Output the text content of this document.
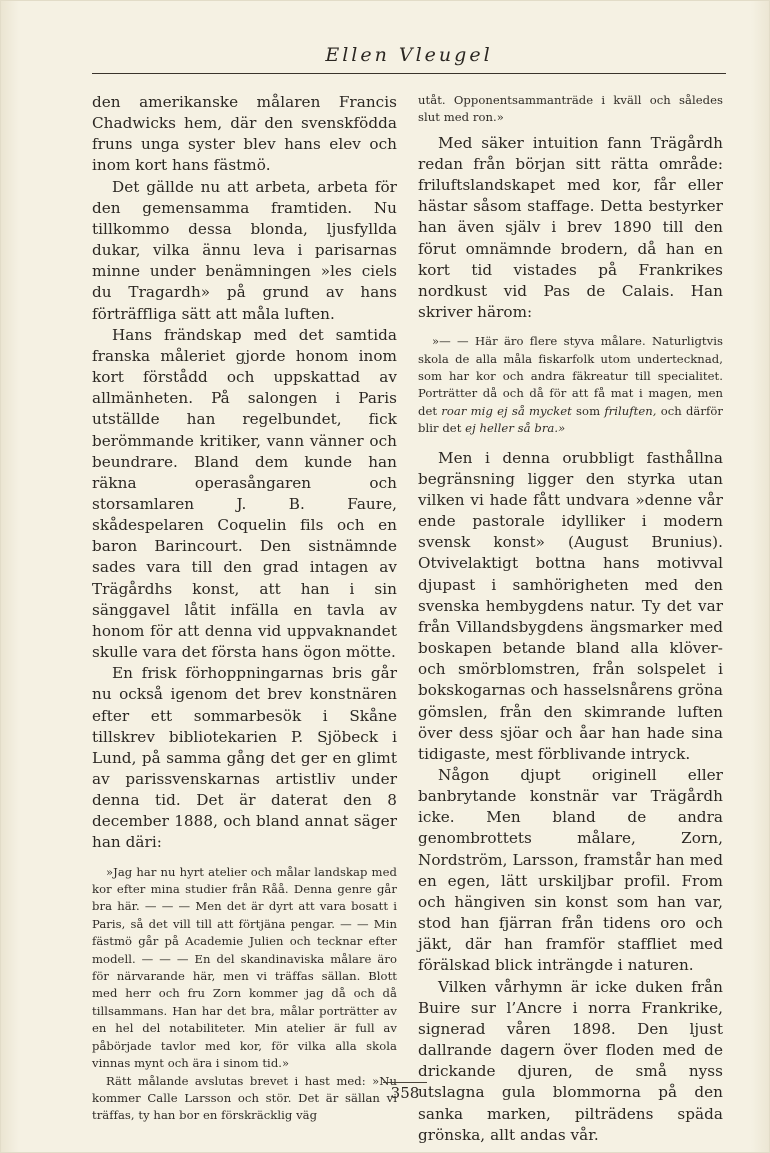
Ellen Vleugel

den amerikanske målaren Francis Chadwicks hem, där den svenskfödda fruns unga syster blev hans elev och inom kort hans fästmö.

Det gällde nu att arbeta, arbeta för den gemensamma framtiden. Nu tillkommo dessa blonda, ljusfyllda dukar, vilka ännu leva i parisarnas minne under benämningen »les ciels du Tragardh» på grund av hans förträffliga sätt att måla luften.

Hans frändskap med det samtida franska måleriet gjorde honom inom kort förstådd och uppskattad av allmänheten. På salongen i Paris utställde han regelbundet, fick berömmande kritiker, vann vänner och beundrare. Bland dem kunde han räkna operasångaren och storsamlaren J. B. Faure, skådespelaren Coquelin fils och en baron Barincourt. Den sistnämnde sades vara till den grad intagen av Trägårdhs konst, att han i sin sänggavel låtit infälla en tavla av honom för att denna vid uppvaknandet skulle vara det första hans ögon mötte.

En frisk förhoppningarnas bris går nu också igenom det brev konstnären efter ett sommarbesök i Skåne tillskrev bibliotekarien P. Sjöbeck i Lund, på samma gång det ger en glimt av parissvenskarnas artistliv under denna tid. Det är daterat den 8 december 1888, och bland annat säger han däri:

»Jag har nu hyrt atelier och målar landskap med kor efter mina studier från Råå. Denna genre går bra här. — — — Men det är dyrt att vara bosatt i Paris, så det vill till att förtjäna pengar. — — Min fästmö går på Academie Julien och tecknar efter modell. — — — En del skandinaviska målare äro för närvarande här, men vi träffas sällan. Blott med herr och fru Zorn kommer jag då och då tillsammans. Han har det bra, målar porträtter av en hel del notabiliteter. Min atelier är full av påbörjade tavlor med kor, för vilka alla skola vinnas mynt och ära i sinom tid.»

Rätt målande avslutas brevet i hast med: »Nu kommer Calle Larsson och stör. Det är sällan vi träffas, ty han bor en förskräcklig väg

utåt. Opponentsammanträde i kväll och således slut med ron.»

Med säker intuition fann Trägårdh redan från början sitt rätta område: friluftslandskapet med kor, får eller hästar såsom staffage. Detta bestyrker han även själv i brev 1890 till den förut omnämnde brodern, då han en kort tid vistades på Frankrikes nordkust vid Pas de Calais. Han skriver härom:

»— — Här äro flere styva målare. Naturligtvis skola de alla måla fiskarfolk utom undertecknad, som har kor och andra fäkreatur till specialitet. Porträtter då och då för att få mat i magen, men det roar mig ej så mycket som friluften, och därför blir det ej heller så bra.»

Men i denna orubbligt fasthållna begränsning ligger den styrka utan vilken vi hade fått undvara »denne vår ende pastorale idylliker i modern svensk konst» (August Brunius). Otvivelaktigt bottna hans motivval djupast i samhörigheten med den svenska hembygdens natur. Ty det var från Villandsbygdens ängsmarker med boskapen betande bland alla klöver- och smörblomstren, från solspelet i bokskogarnas och hasselsnårens gröna gömslen, från den skimrande luften över dess sjöar och åar han hade sina tidigaste, mest förblivande intryck.

Någon djupt originell eller banbrytande konstnär var Trägårdh icke. Men bland de andra genombrottets målare, Zorn, Nordström, Larsson, framstår han med en egen, lätt urskiljbar profil. From och hängiven sin konst som han var, stod han fjärran från tidens oro och jäkt, där han framför staffliet med förälskad blick inträngde i naturen.

Vilken vårhymn är icke duken från Buire sur l’Ancre i norra Frankrike, signerad våren 1898. Den ljust dallrande dagern över floden med de drickande djuren, de små nyss utslagna gula blommorna på den sanka marken, pilträdens späda grönska, allt andas vår.

358
